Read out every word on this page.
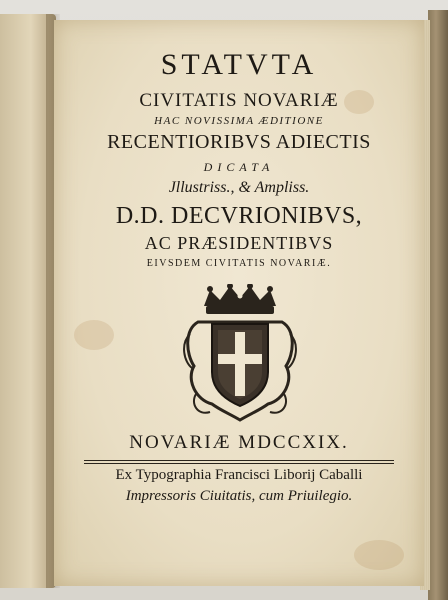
STATVTA
CIVITATIS NOVARIÆ
HAC NOVISSIMA ÆDITIONE
RECENTIORIBVS ADIECTIS
DICATA
Jllustriss., & Ampliss.
D.D. DECVRIONIBVS,
AC PRÆSIDENTIBVS
EIVSDEM CIVITATIS NOVARIÆ.
NOVARIÆ MDCCXIX.
Ex Typographia Francisci Liborij Caballi
Impressoris Ciuitatis, cum Priuilegio.
